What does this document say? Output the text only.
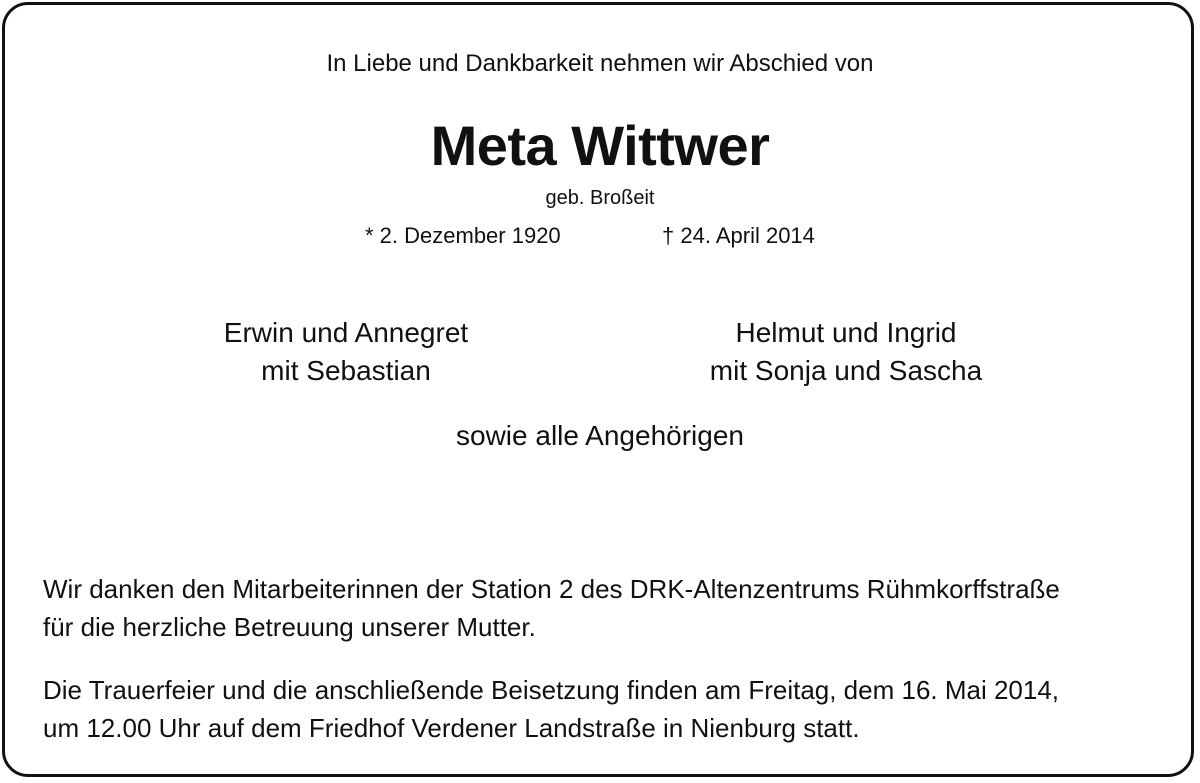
In Liebe und Dankbarkeit nehmen wir Abschied von

Meta Wittwer

geb. Broßeit

* 2. Dezember 1920	† 24. April 2014

Erwin und Annegret

mit Sebastian

Helmut und Ingrid

mit Sonja und Sascha

sowie alle Angehörigen

Wir danken den Mitarbeiterinnen der Station 2 des DRK-Altenzentrums Rühmkorffstraße

für die herzliche Betreuung unserer Mutter.

Die Trauerfeier und die anschließende Beisetzung finden am Freitag, dem 16. Mai 2014,

um 12.00 Uhr auf dem Friedhof Verdener Landstraße in Nienburg statt.
